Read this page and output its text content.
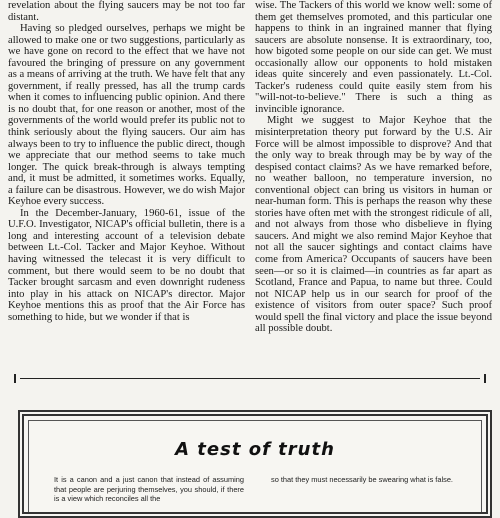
revelation about the flying saucers may be not too far distant.

Having so pledged ourselves, perhaps we might be allowed to make one or two suggestions, particularly as we have gone on record to the effect that we have not favoured the bringing of pressure on any government as a means of arriving at the truth. We have felt that any government, if really pressed, has all the trump cards when it comes to influencing public opinion. And there is no doubt that, for one reason or another, most of the governments of the world would prefer its public not to think seriously about the flying saucers. Our aim has always been to try to influence the public direct, though we appreciate that our method seems to take much longer. The quick break-through is always tempting and, it must be admitted, it sometimes works. Equally, a failure can be disastrous. However, we do wish Major Keyhoe every success.

In the December-January, 1960-61, issue of the U.F.O. Investigator, NICAP's official bulletin, there is a long and interesting account of a television debate between Lt.-Col. Tacker and Major Keyhoe. Without having witnessed the telecast it is very difficult to comment, but there would seem to be no doubt that Tacker brought sarcasm and even downright rudeness into play in his attack on NICAP's director. Major Keyhoe mentions this as proof that the Air Force has something to hide, but we wonder if that is

wise. The Tackers of this world we know well: some of them get themselves promoted, and this particular one happens to think in an ingrained manner that flying saucers are absolute nonsense. It is extraordinary, too, how bigoted some people on our side can get. We must occasionally allow our opponents to hold mistaken ideas quite sincerely and even passionately. Lt.-Col. Tacker's rudeness could quite easily stem from his "will-not-to-believe." There is such a thing as invincible ignorance.

Might we suggest to Major Keyhoe that the misinterpretation theory put forward by the U.S. Air Force will be almost impossible to disprove? And that the only way to break through may be by way of the despised contact claims? As we have remarked before, no weather balloon, no temperature inversion, no conventional object can bring us visitors in human or near-human form. This is perhaps the reason why these stories have often met with the strongest ridicule of all, and not always from those who disbelieve in flying saucers. And might we also remind Major Keyhoe that not all the saucer sightings and contact claims have come from America? Occupants of saucers have been seen—or so it is claimed—in countries as far apart as Scotland, France and Papua, to name but three. Could not NICAP help us in our search for proof of the existence of visitors from outer space? Such proof would spell the final victory and place the issue beyond all possible doubt.

A test of truth
It is a canon and a just canon that instead of assuming that people are perjuring themselves, you should, if there is a view which reconciles all the
so that they must necessarily be swearing what is false.
